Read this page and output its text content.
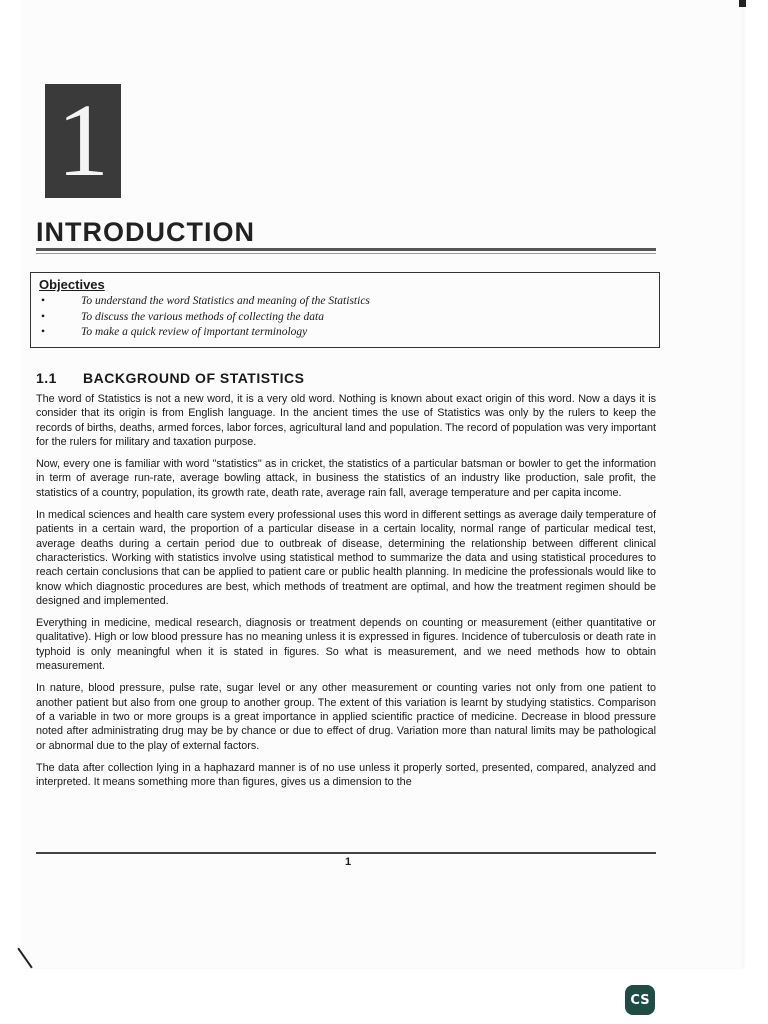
1
INTRODUCTION
Objectives
•	To understand the word Statistics and meaning of the Statistics
•	To discuss the various methods of collecting the data
•	To make a quick review of important terminology
1.1 BACKGROUND OF STATISTICS

The word of Statistics is not a new word, it is a very old word. Nothing is known about exact origin of this word. Now a days it is consider that its origin is from English language. In the ancient times the use of Statistics was only by the rulers to keep the records of births, deaths, armed forces, labor forces, agricultural land and population. The record of population was very important for the rulers for military and taxation purpose.

Now, every one is familiar with word "statistics" as in cricket, the statistics of a particular batsman or bowler to get the information in term of average run-rate, average bowling attack, in business the statistics of an industry like production, sale profit, the statistics of a country, population, its growth rate, death rate, average rain fall, average temperature and per capita income.

In medical sciences and health care system every professional uses this word in different settings as average daily temperature of patients in a certain ward, the proportion of a particular disease in a certain locality, normal range of particular medical test, average deaths during a certain period due to outbreak of disease, determining the relationship between different clinical characteristics. Working with statistics involve using statistical method to summarize the data and using statistical procedures to reach certain conclusions that can be applied to patient care or public health planning. In medicine the professionals would like to know which diagnostic procedures are best, which methods of treatment are optimal, and how the treatment regimen should be designed and implemented.

Everything in medicine, medical research, diagnosis or treatment depends on counting or measurement (either quantitative or qualitative). High or low blood pressure has no meaning unless it is expressed in figures. Incidence of tuberculosis or death rate in typhoid is only meaningful when it is stated in figures. So what is measurement, and we need methods how to obtain measurement.

In nature, blood pressure, pulse rate, sugar level or any other measurement or counting varies not only from one patient to another patient but also from one group to another group. The extent of this variation is learnt by studying statistics. Comparison of a variable in two or more groups is a great importance in applied scientific practice of medicine. Decrease in blood pressure noted after administrating drug may be by chance or due to effect of drug. Variation more than natural limits may be pathological or abnormal due to the play of external factors.

The data after collection lying in a haphazard manner is of no use unless it properly sorted, presented, compared, analyzed and interpreted. It means something more than figures, gives us a dimension to the

1
CS
